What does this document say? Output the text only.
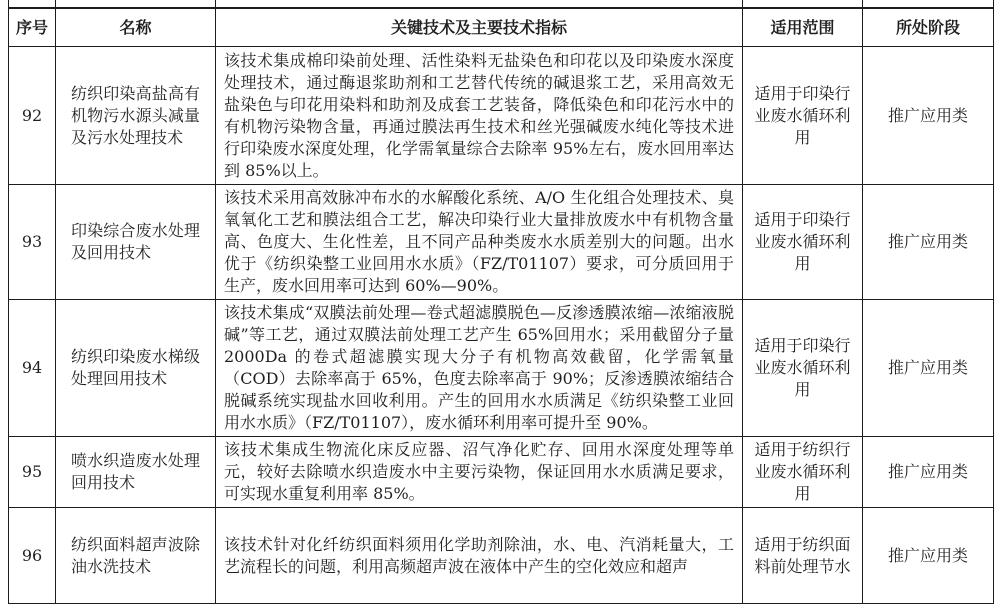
序号	名称	关键技术及主要技术指标	适用范围	所处阶段
92	纺织印染高盐高有机物污水源头减量及污水处理技术	该技术集成棉印染前处理、活性染料无盐染色和印花以及印染废水深度处理技术，通过酶退浆助剂和工艺替代传统的碱退浆工艺，采用高效无盐染色与印花用染料和助剂及成套工艺装备，降低染色和印花污水中的有机物污染物含量，再通过膜法再生技术和丝光强碱废水纯化等技术进行印染废水深度处理，化学需氧量综合去除率 95%左右，废水回用率达到 85%以上。	适用于印染行业废水循环利用	推广应用类
93	印染综合废水处理及回用技术	该技术采用高效脉冲布水的水解酸化系统、A/O 生化组合处理技术、臭氧氧化工艺和膜法组合工艺，解决印染行业大量排放废水中有机物含量高、色度大、生化性差，且不同产品种类废水水质差别大的问题。出水优于《纺织染整工业回用水水质》（FZ/T01107）要求，可分质回用于生产，废水回用率可达到 60%—90%。	适用于印染行业废水循环利用	推广应用类
94	纺织印染废水梯级处理回用技术	该技术集成“双膜法前处理—卷式超滤膜脱色—反渗透膜浓缩—浓缩液脱碱”等工艺，通过双膜法前处理工艺产生 65%回用水；采用截留分子量 2000Da 的卷式超滤膜实现大分子有机物高效截留，化学需氧量（COD）去除率高于 65%，色度去除率高于 90%；反渗透膜浓缩结合脱碱系统实现盐水回收利用。产生的回用水水质满足《纺织染整工业回用水水质》（FZ/T01107），废水循环利用率可提升至 90%。	适用于印染行业废水循环利用	推广应用类
95	喷水织造废水处理回用技术	该技术集成生物流化床反应器、沼气净化贮存、回用水深度处理等单元，较好去除喷水织造废水中主要污染物，保证回用水水质满足要求，可实现水重复利用率 85%。	适用于纺织行业废水循环利用	推广应用类
96	纺织面料超声波除油水洗技术	该技术针对化纤纺织面料须用化学助剂除油，水、电、汽消耗量大，工艺流程长的问题，利用高频超声波在液体中产生的空化效应和超声	适用于纺织面料前处理节水	推广应用类
